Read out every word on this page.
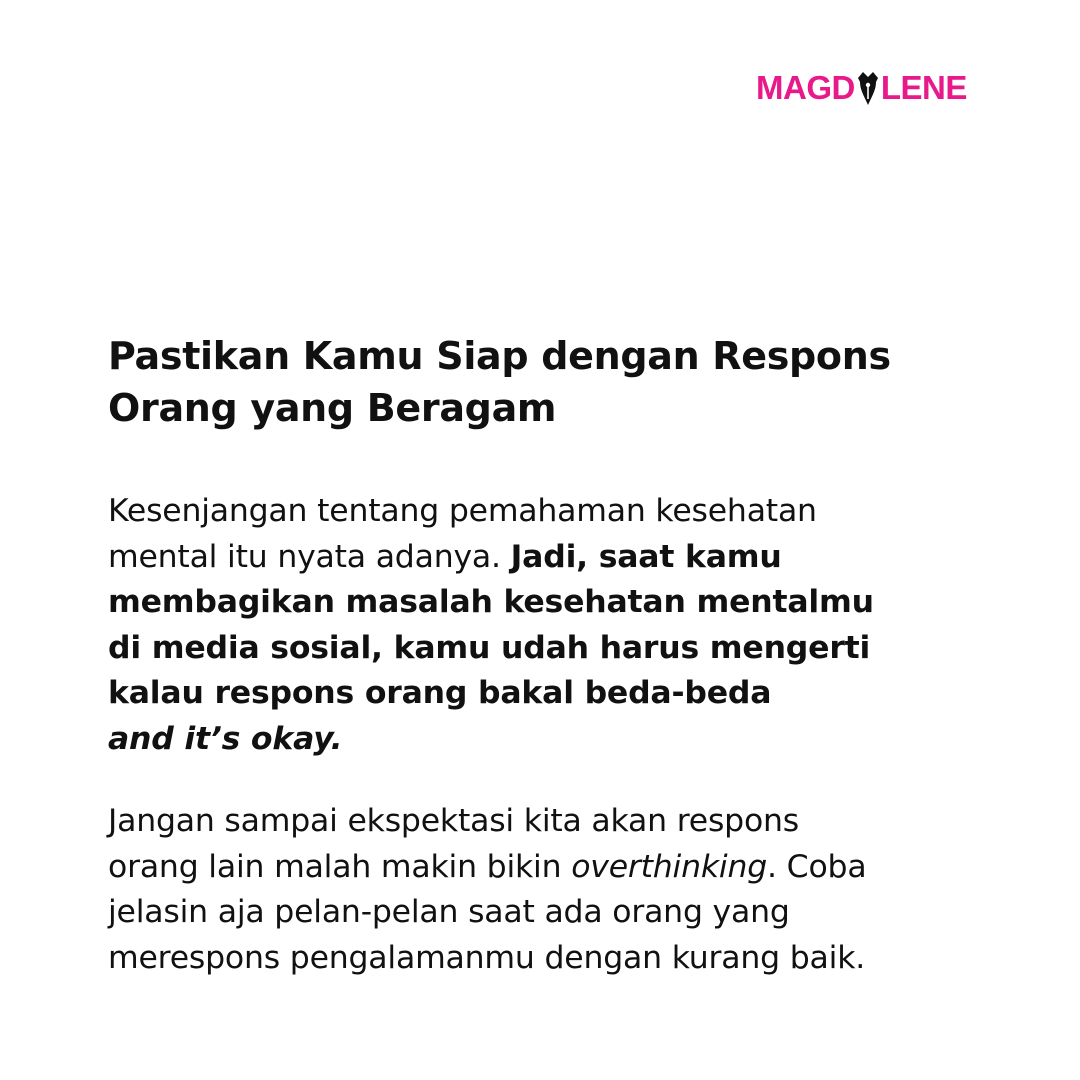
MAGD LENE
Pastikan Kamu Siap dengan Respons
Orang yang Beragam

Kesenjangan tentang pemahaman kesehatan
mental itu nyata adanya. Jadi, saat kamu
membagikan masalah kesehatan mentalmu
di media sosial, kamu udah harus mengerti
kalau respons orang bakal beda-beda
and it’s okay.

Jangan sampai ekspektasi kita akan respons
orang lain malah makin bikin overthinking. Coba
jelasin aja pelan-pelan saat ada orang yang
merespons pengalamanmu dengan kurang baik.
